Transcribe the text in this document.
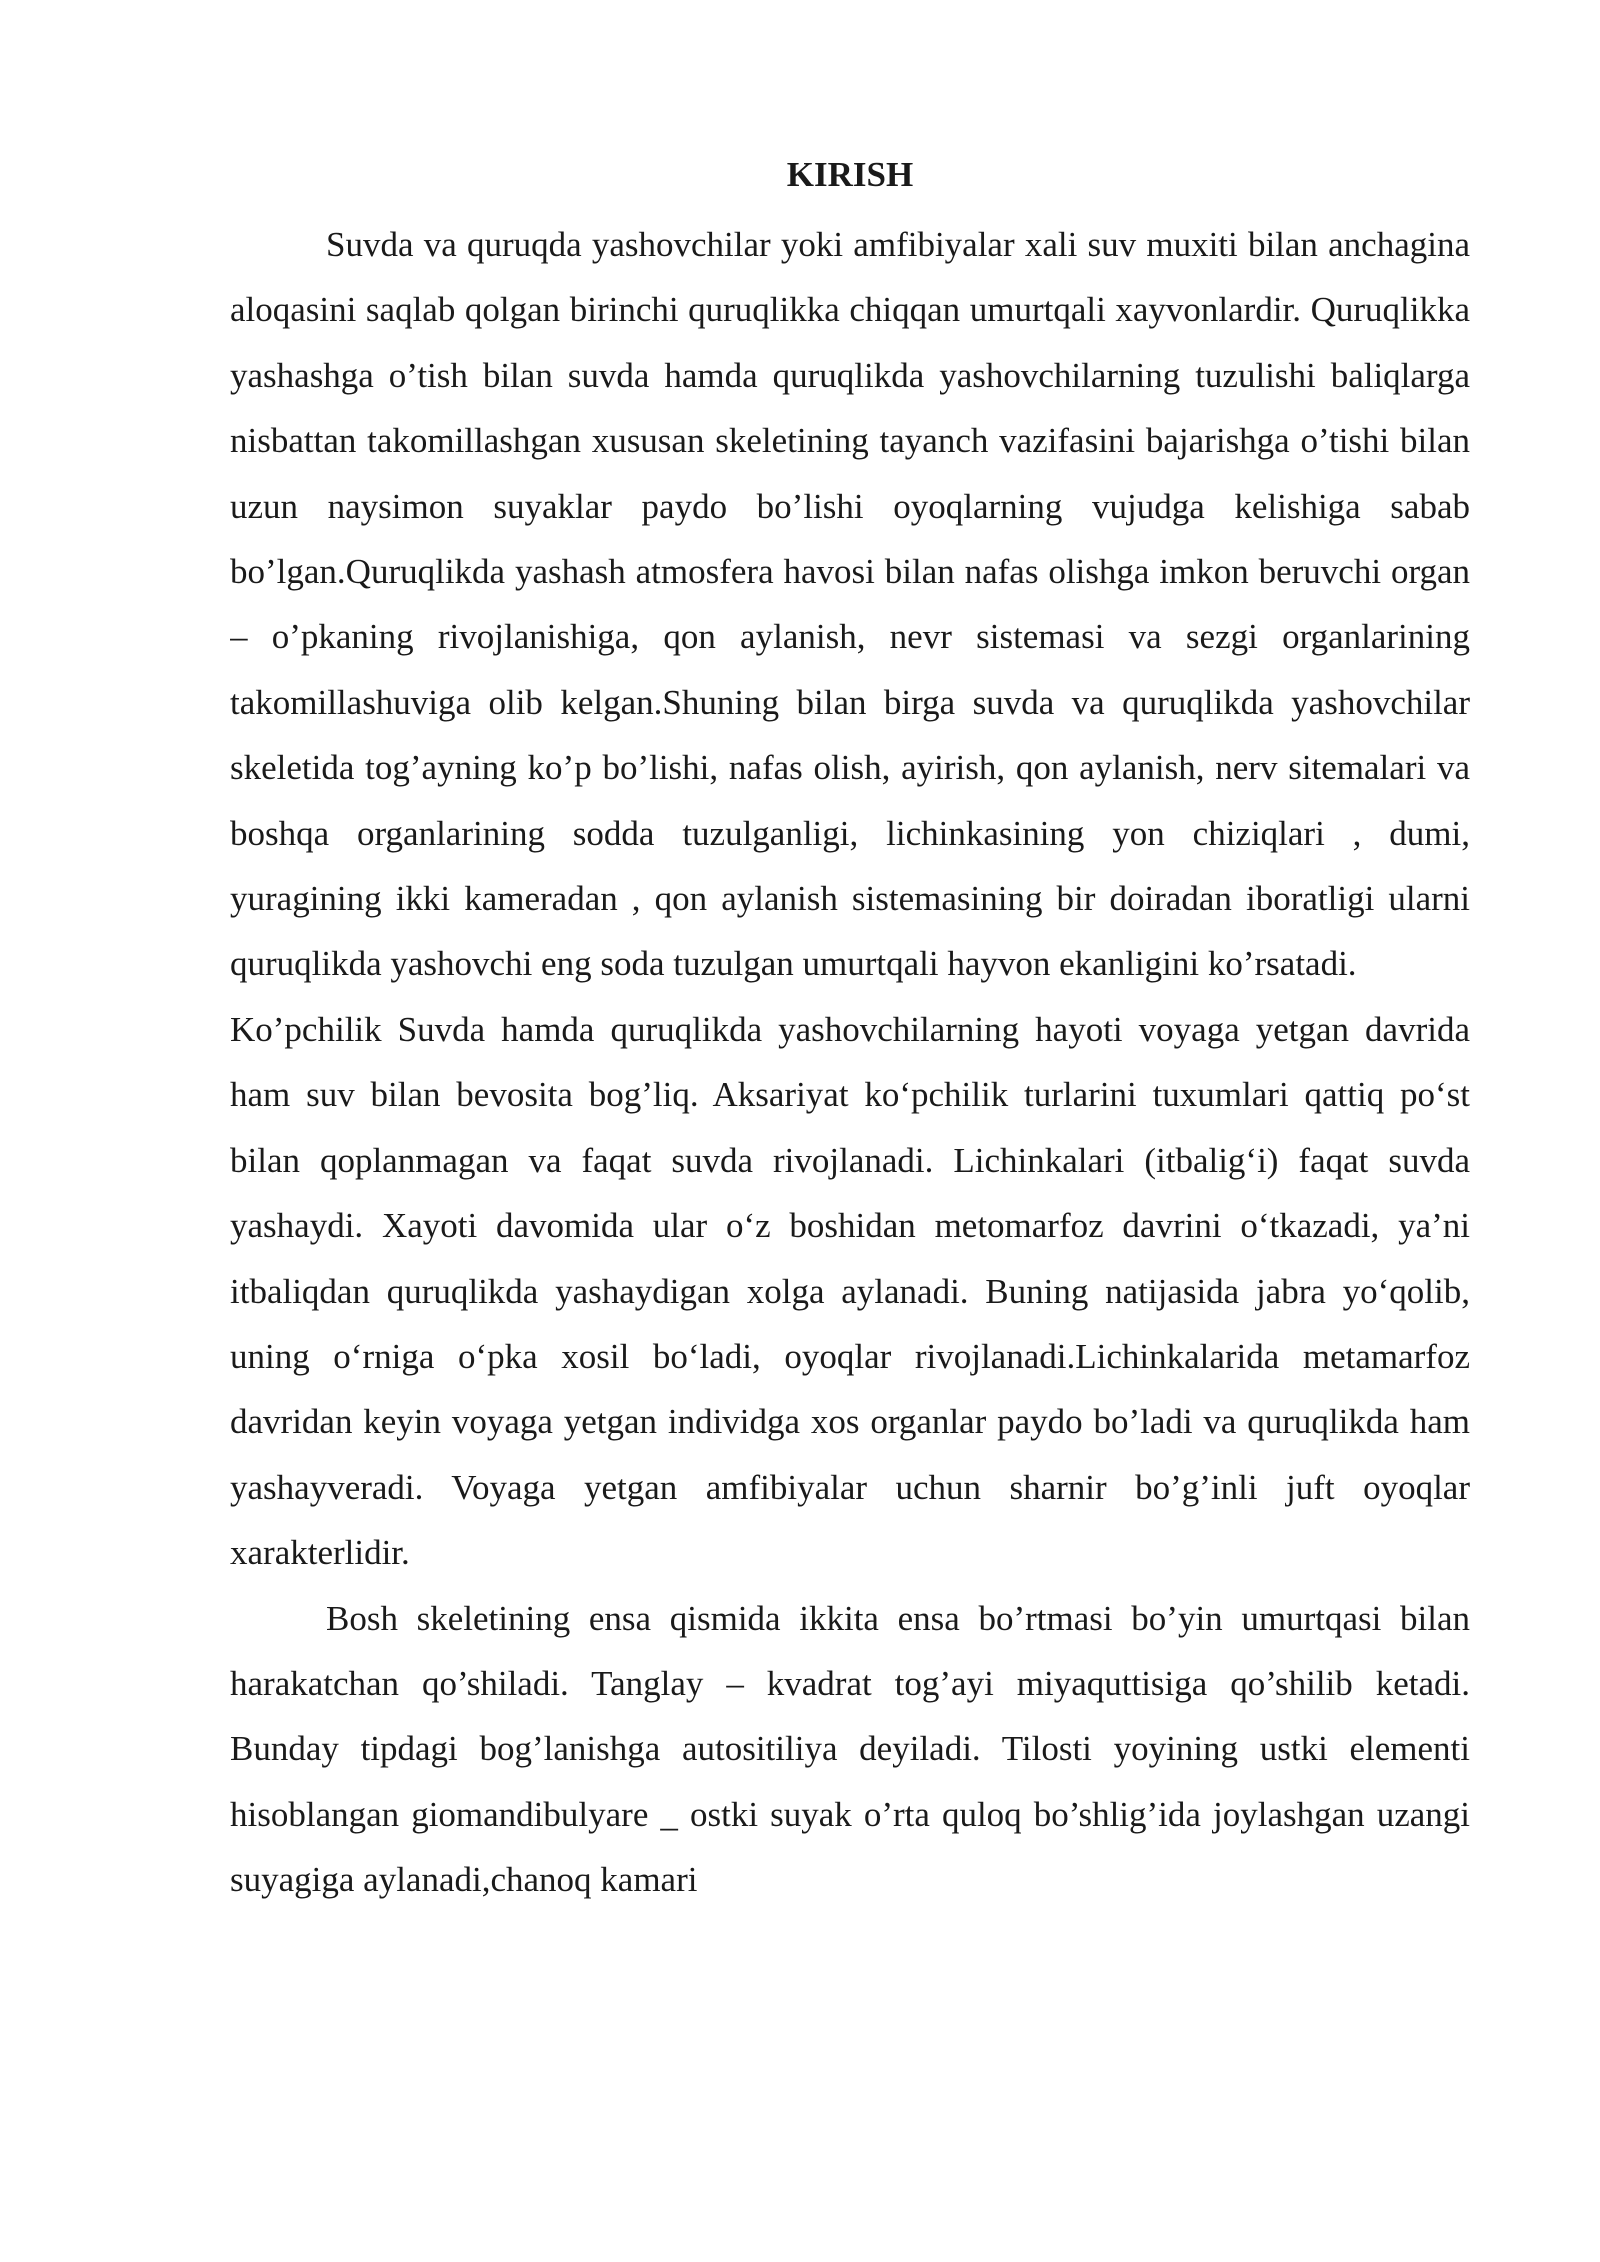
KIRISH

Suvda va quruqda yashovchilar yoki amfibiyalar xali suv muxiti bilan anchagina aloqasini saqlab qolgan birinchi quruqlikka chiqqan umurtqali xayvonlardir. Quruqlikka yashashga o’tish bilan suvda hamda quruqlikda yashovchilarning tuzulishi baliqlarga nisbattan takomillashgan xususan skeletining tayanch vazifasini bajarishga o’tishi bilan uzun naysimon suyaklar paydo bo’lishi oyoqlarning vujudga kelishiga sabab bo’lgan.Quruqlikda yashash atmosfera havosi bilan nafas olishga imkon beruvchi organ – o’pkaning rivojlanishiga, qon aylanish, nevr sistemasi va sezgi organlarining takomillashuviga olib kelgan.Shuning bilan birga suvda va quruqlikda yashovchilar skeletida tog’ayning ko’p bo’lishi, nafas olish, ayirish, qon aylanish, nerv sitemalari va boshqa organlarining sodda tuzulganligi, lichinkasining yon chiziqlari , dumi, yuragining ikki kameradan , qon aylanish sistemasining bir doiradan iboratligi ularni quruqlikda yashovchi eng soda tuzulgan umurtqali hayvon ekanligini ko’rsatadi.

Ko’pchilik Suvda hamda quruqlikda yashovchilarning hayoti voyaga yetgan davrida ham suv bilan bevosita bog’liq. Aksariyat ko‘pchilik turlarini tuxumlari qattiq po‘st bilan qoplanmagan va faqat suvda rivojlanadi. Lichinkalari (itbalig‘i) faqat suvda yashaydi. Xayoti davomida ular o‘z boshidan metomarfoz davrini o‘tkazadi, ya’ni itbaliqdan quruqlikda yashaydigan xolga aylanadi. Buning natijasida jabra yo‘qolib, uning o‘rniga o‘pka xosil bo‘ladi, oyoqlar rivojlanadi.Lichinkalarida metamarfoz davridan keyin voyaga yetgan individga xos organlar paydo bo’ladi va quruqlikda ham yashayveradi. Voyaga yetgan amfibiyalar uchun sharnir bo’g’inli juft oyoqlar xarakterlidir.

Bosh skeletining ensa qismida ikkita ensa bo’rtmasi bo’yin umurtqasi bilan harakatchan qo’shiladi. Tanglay – kvadrat tog’ayi miyaquttisiga qo’shilib ketadi. Bunday tipdagi bog’lanishga autositiliya deyiladi. Tilosti yoyining ustki elementi hisoblangan giomandibulyare _ ostki suyak o’rta quloq bo’shlig’ida joylashgan uzangi suyagiga aylanadi,chanoq kamari
